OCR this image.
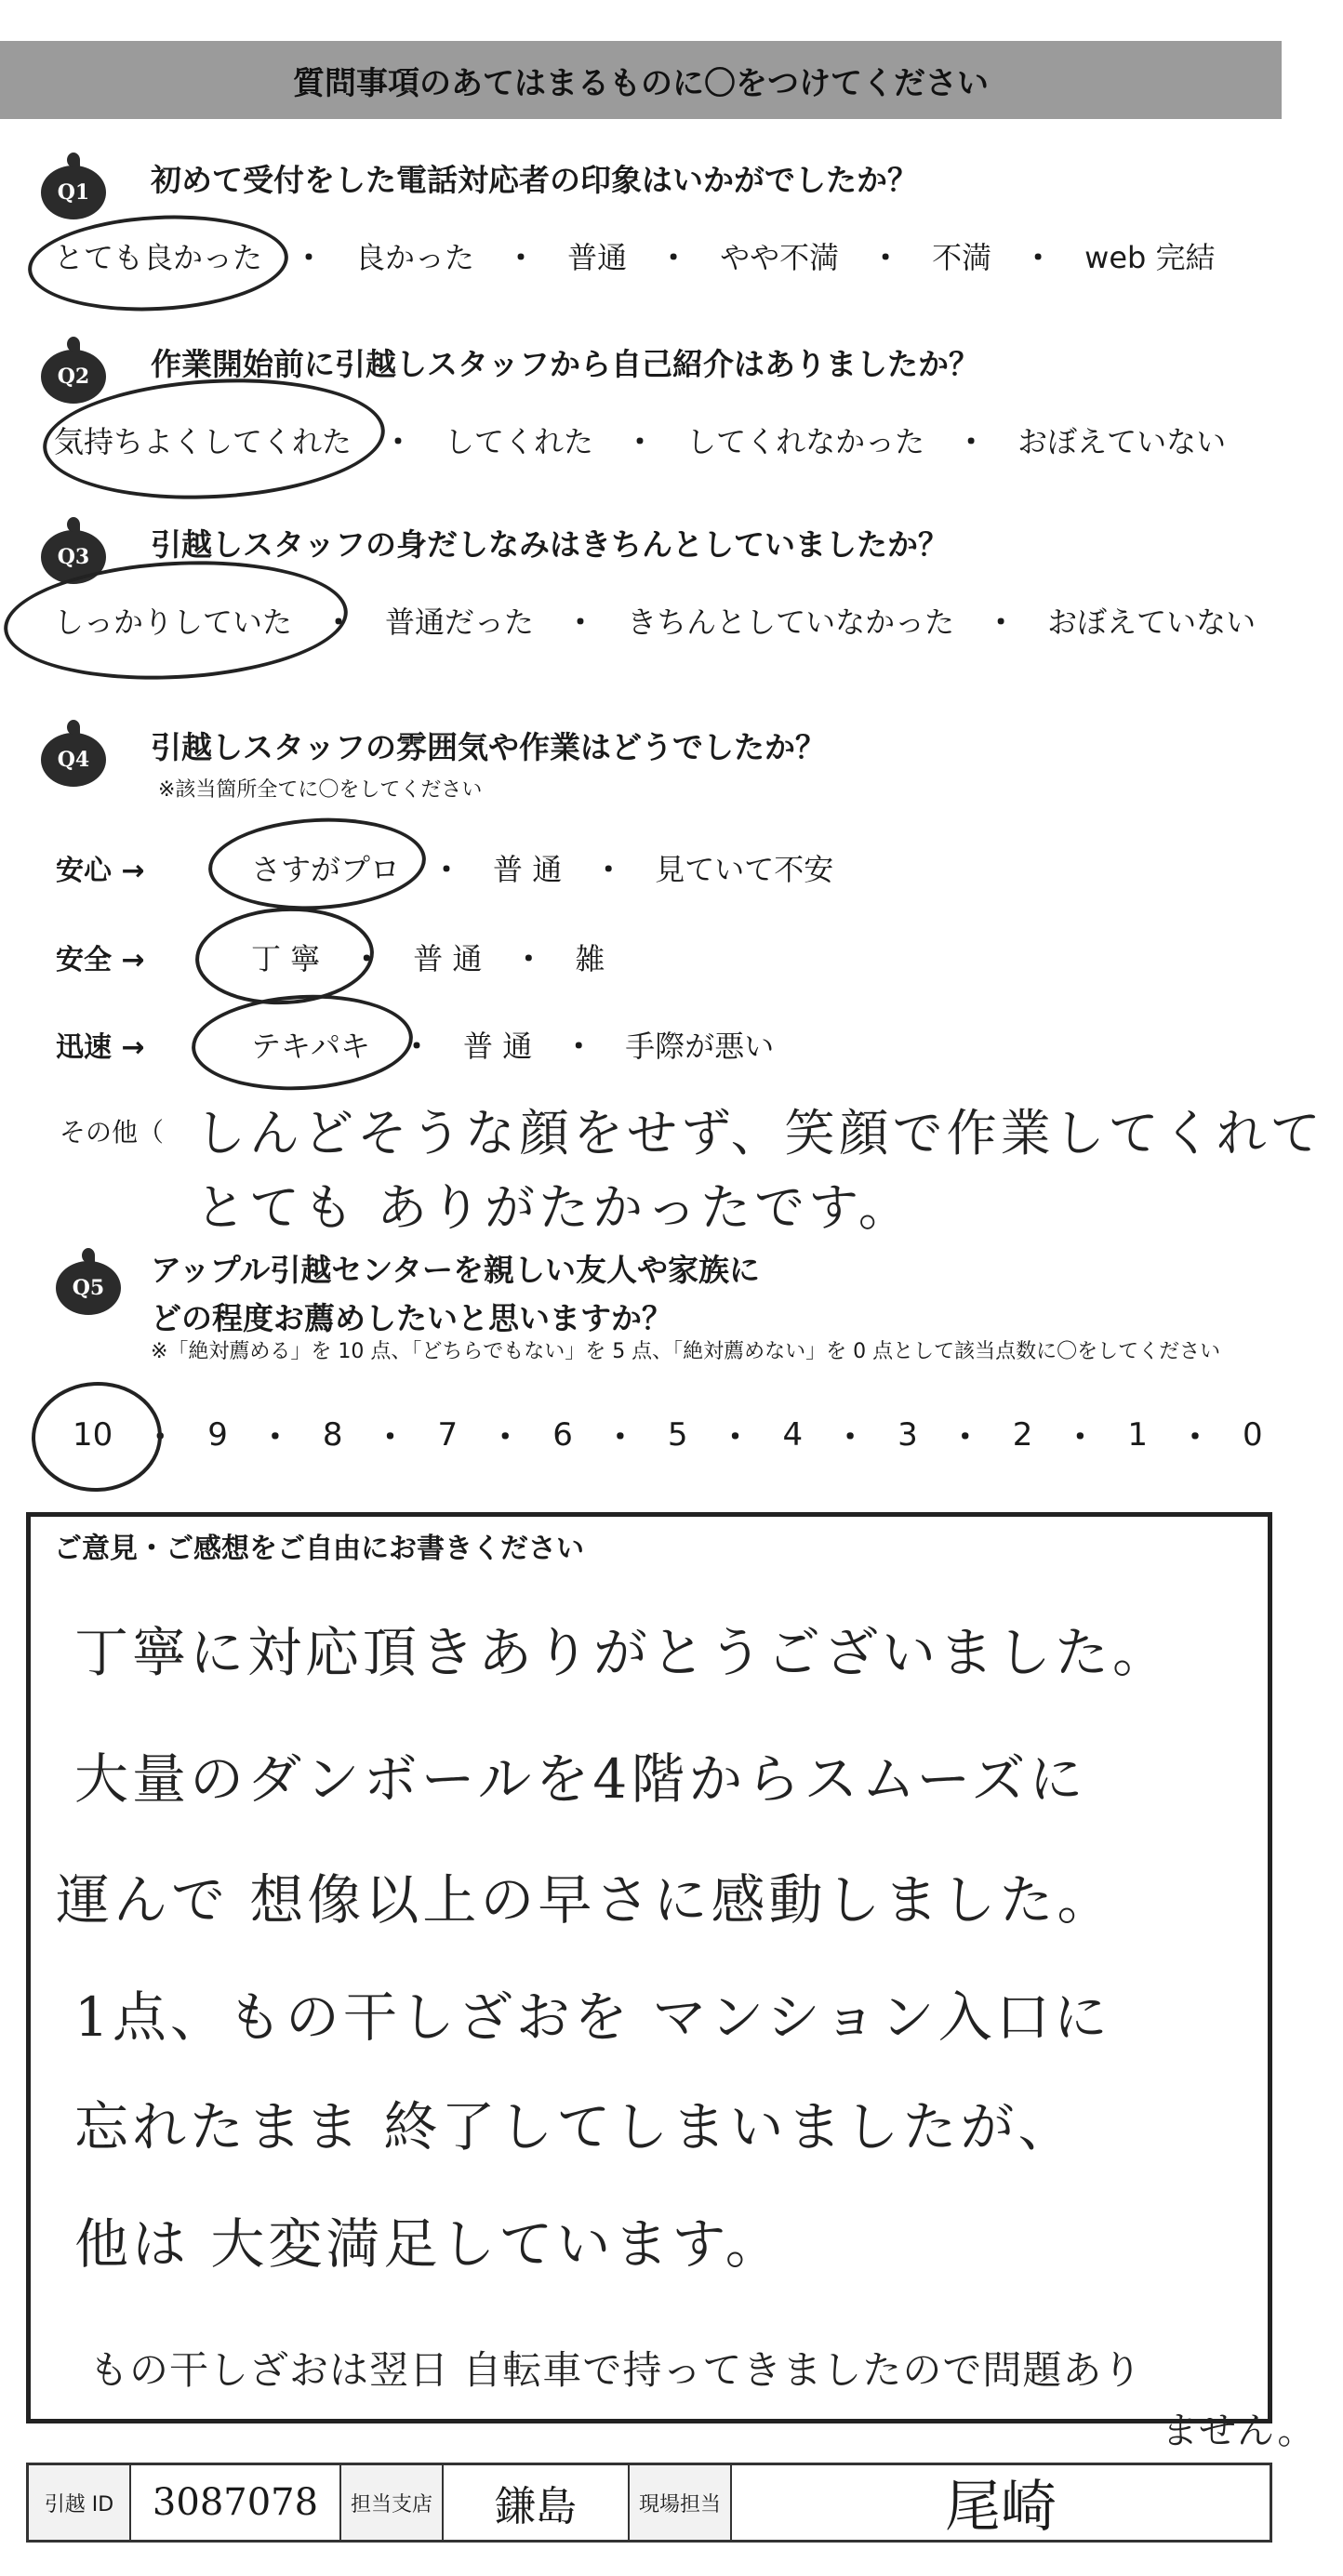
質問事項のあてはまるものに〇をつけてください
Q1 初めて受付をした電話対応者の印象はいかがでしたか？
とても良かった ・ 良かった ・ 普通 ・ やや不満 ・ 不満 ・ web 完結
Q2 作業開始前に引越しスタッフから自己紹介はありましたか？
気持ちよくしてくれた ・ してくれた ・ してくれなかった ・ おぼえていない
Q3 引越しスタッフの身だしなみはきちんとしていましたか？
しっかりしていた ・ 普通だった ・ きちんとしていなかった ・ おぼえていない
Q4 引越しスタッフの雰囲気や作業はどうでしたか？
※該当箇所全てに〇をしてください
安心 →	さすがプロ ・ 普 通 ・ 見ていて不安
安全 →	丁 寧 ・ 普 通 ・ 雑
迅速 →	テキパキ ・ 普 通 ・ 手際が悪い
その他（ しんどそうな顔をせず、笑顔で作業してくれて
とても ありがたかったです。
Q5 アップル引越センターを親しい友人や家族に
どの程度お薦めしたいと思いますか？
※「絶対薦める」を 10 点、「どちらでもない」を 5 点、「絶対薦めない」を 0 点として該当点数に〇をしてください
10 ・ 9 ・ 8 ・ 7 ・ 6 ・ 5 ・ 4 ・ 3 ・ 2 ・ 1 ・ 0
ご意見・ご感想をご自由にお書きください
丁寧に対応頂きありがとうございました。
大量のダンボールを4階からスムーズに
運んで 想像以上の早さに感動しました。
1点、もの干しざおを マンション入口に
忘れたまま 終了してしまいましたが、
他は 大変満足しています。
もの干しざおは翌日 自転車で持ってきましたので問題あり
ません。
引越 ID	3087078	担当支店	鎌島	現場担当	尾崎
